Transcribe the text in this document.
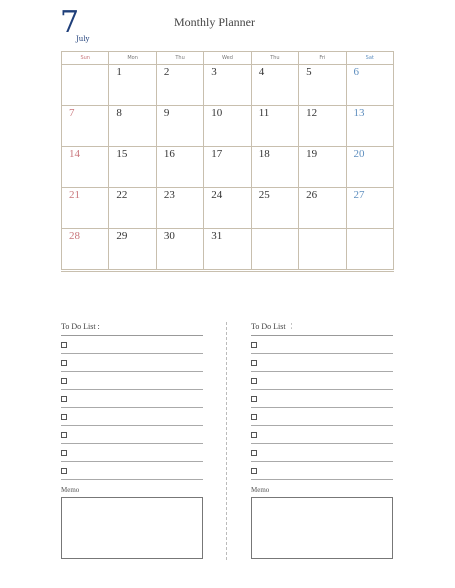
7
July
Monthly Planner
Sun	Mon	Thu	Wed	Thu	Fri	Sat
	1	2	3	4	5	6
7	8	9	10	11	12	13
14	15	16	17	18	19	20
21	22	23	24	25	26	27
28	29	30	31			
To Do List :
Memo
To Do List ︰
Memo
